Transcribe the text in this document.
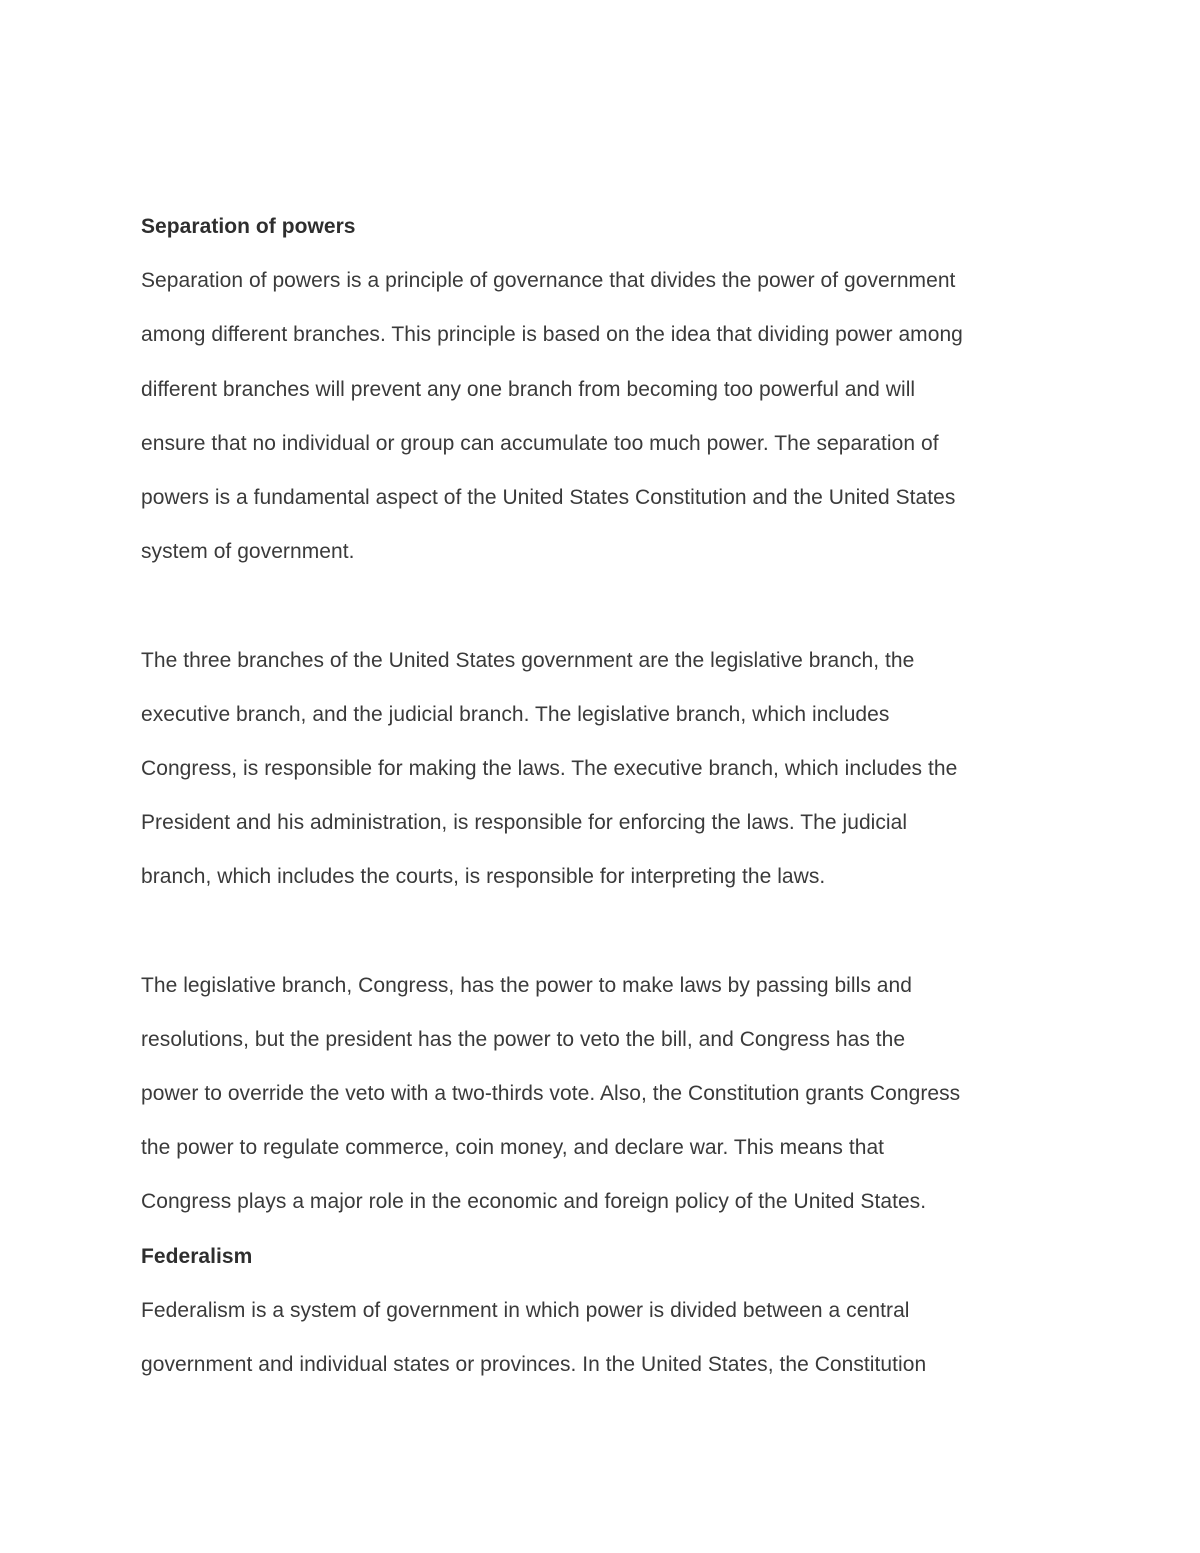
Separation of powers
Separation of powers is a principle of governance that divides the power of government
among different branches. This principle is based on the idea that dividing power among
different branches will prevent any one branch from becoming too powerful and will
ensure that no individual or group can accumulate too much power. The separation of
powers is a fundamental aspect of the United States Constitution and the United States
system of government.
The three branches of the United States government are the legislative branch, the
executive branch, and the judicial branch. The legislative branch, which includes
Congress, is responsible for making the laws. The executive branch, which includes the
President and his administration, is responsible for enforcing the laws. The judicial
branch, which includes the courts, is responsible for interpreting the laws.
The legislative branch, Congress, has the power to make laws by passing bills and
resolutions, but the president has the power to veto the bill, and Congress has the
power to override the veto with a two-thirds vote. Also, the Constitution grants Congress
the power to regulate commerce, coin money, and declare war. This means that
Congress plays a major role in the economic and foreign policy of the United States.
Federalism
Federalism is a system of government in which power is divided between a central
government and individual states or provinces. In the United States, the Constitution
